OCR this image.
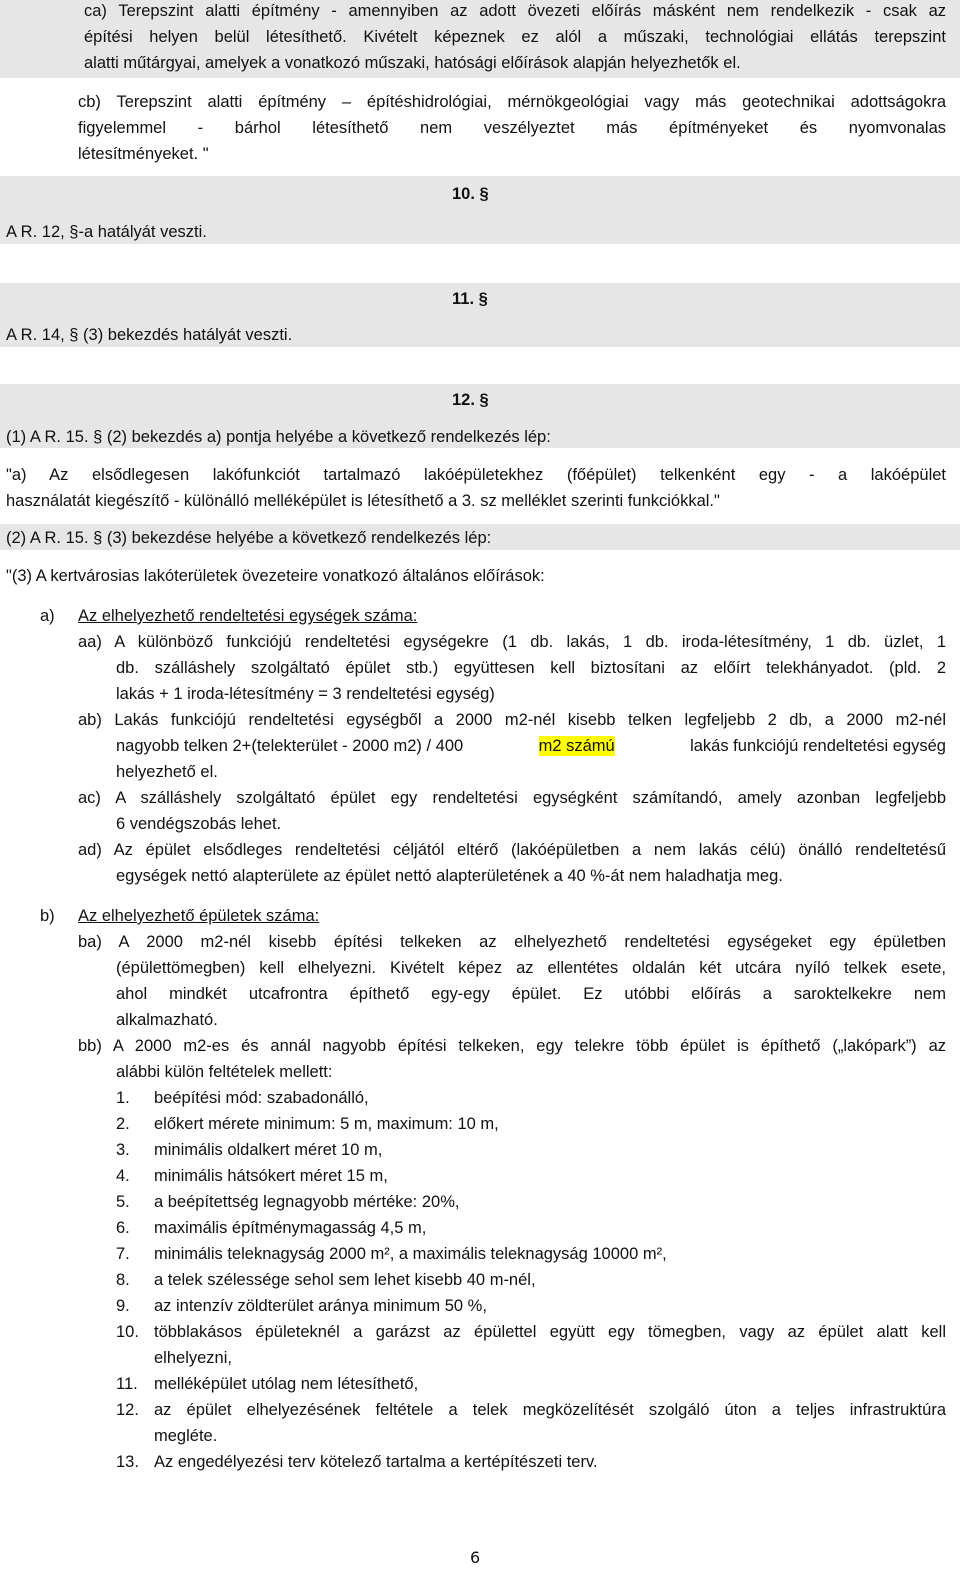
ca) Terepszint alatti építmény - amennyiben az adott övezeti előírás másként nem rendelkezik - csak az
építési helyen belül létesíthető. Kivételt képeznek ez alól a műszaki, technológiai ellátás terepszint
alatti műtárgyai, amelyek a vonatkozó műszaki, hatósági előírások alapján helyezhetők el.
cb) Terepszint alatti építmény – építéshidrológiai, mérnökgeológiai vagy más geotechnikai adottságokra
figyelemmel - bárhol létesíthető nem veszélyeztet más építményeket és nyomvonalas
létesítményeket. "
10. §
A R. 12, §-a hatályát veszti.
11. §
A R. 14, § (3) bekezdés hatályát veszti.
12. §
(1) A R. 15. § (2) bekezdés a) pontja helyébe a következő rendelkezés lép:
"a) Az elsődlegesen lakófunkciót tartalmazó lakóépületekhez (főépület) telkenként egy - a lakóépület
használatát kiegészítő - különálló melléképület is létesíthető a 3. sz melléklet szerinti funkciókkal."
(2) A R. 15. § (3) bekezdése helyébe a következő rendelkezés lép:
"(3) A kertvárosias lakóterületek övezeteire vonatkozó általános előírások:
a) Az elhelyezhető rendeltetési egységek száma:
aa) A különböző funkciójú rendeltetési egységekre (1 db. lakás, 1 db. iroda-létesítmény, 1 db. üzlet, 1
db. szálláshely szolgáltató épület stb.) együttesen kell biztosítani az előírt telekhányadot. (pld. 2
lakás + 1 iroda-létesítmény = 3 rendeltetési egység)
ab) Lakás funkciójú rendeltetési egységből a 2000 m2-nél kisebb telken legfeljebb 2 db, a 2000 m2-nél
nagyobb telken 2+(telekterület - 2000 m2) / 400	m2 számú	lakás funkciójú rendeltetési egység
helyezhető el.
ac) A szálláshely szolgáltató épület egy rendeltetési egységként számítandó, amely azonban legfeljebb
6 vendégszobás lehet.
ad) Az épület elsődleges rendeltetési céljától eltérő (lakóépületben a nem lakás célú) önálló rendeltetésű
egységek nettó alapterülete az épület nettó alapterületének a 40 %-át nem haladhatja meg.
b) Az elhelyezhető épületek száma:
ba) A 2000 m2-nél kisebb építési telkeken az elhelyezhető rendeltetési egységeket egy épületben
(épülettömegben) kell elhelyezni. Kivételt képez az ellentétes oldalán két utcára nyíló telkek esete,
ahol mindkét utcafrontra építhető egy-egy épület. Ez utóbbi előírás a saroktelkekre nem
alkalmazható.
bb) A 2000 m2-es és annál nagyobb építési telkeken, egy telekre több épület is építhető („lakópark”) az
alábbi külön feltételek mellett:
1. beépítési mód: szabadonálló,
2. előkert mérete minimum: 5 m, maximum: 10 m,
3. minimális oldalkert méret 10 m,
4. minimális hátsókert méret 15 m,
5. a beépítettség legnagyobb mértéke: 20%,
6. maximális építménymagasság 4,5 m,
7. minimális teleknagyság 2000 m², a maximális teleknagyság 10000 m²,
8. a telek szélessége sehol sem lehet kisebb 40 m-nél,
9. az intenzív zöldterület aránya minimum 50 %,
10. többlakásos épületeknél a garázst az épülettel együtt egy tömegben, vagy az épület alatt kell
elhelyezni,
11. melléképület utólag nem létesíthető,
12. az épület elhelyezésének feltétele a telek megközelítését szolgáló úton a teljes infrastruktúra
megléte.
13. Az engedélyezési terv kötelező tartalma a kertépítészeti terv.
6
